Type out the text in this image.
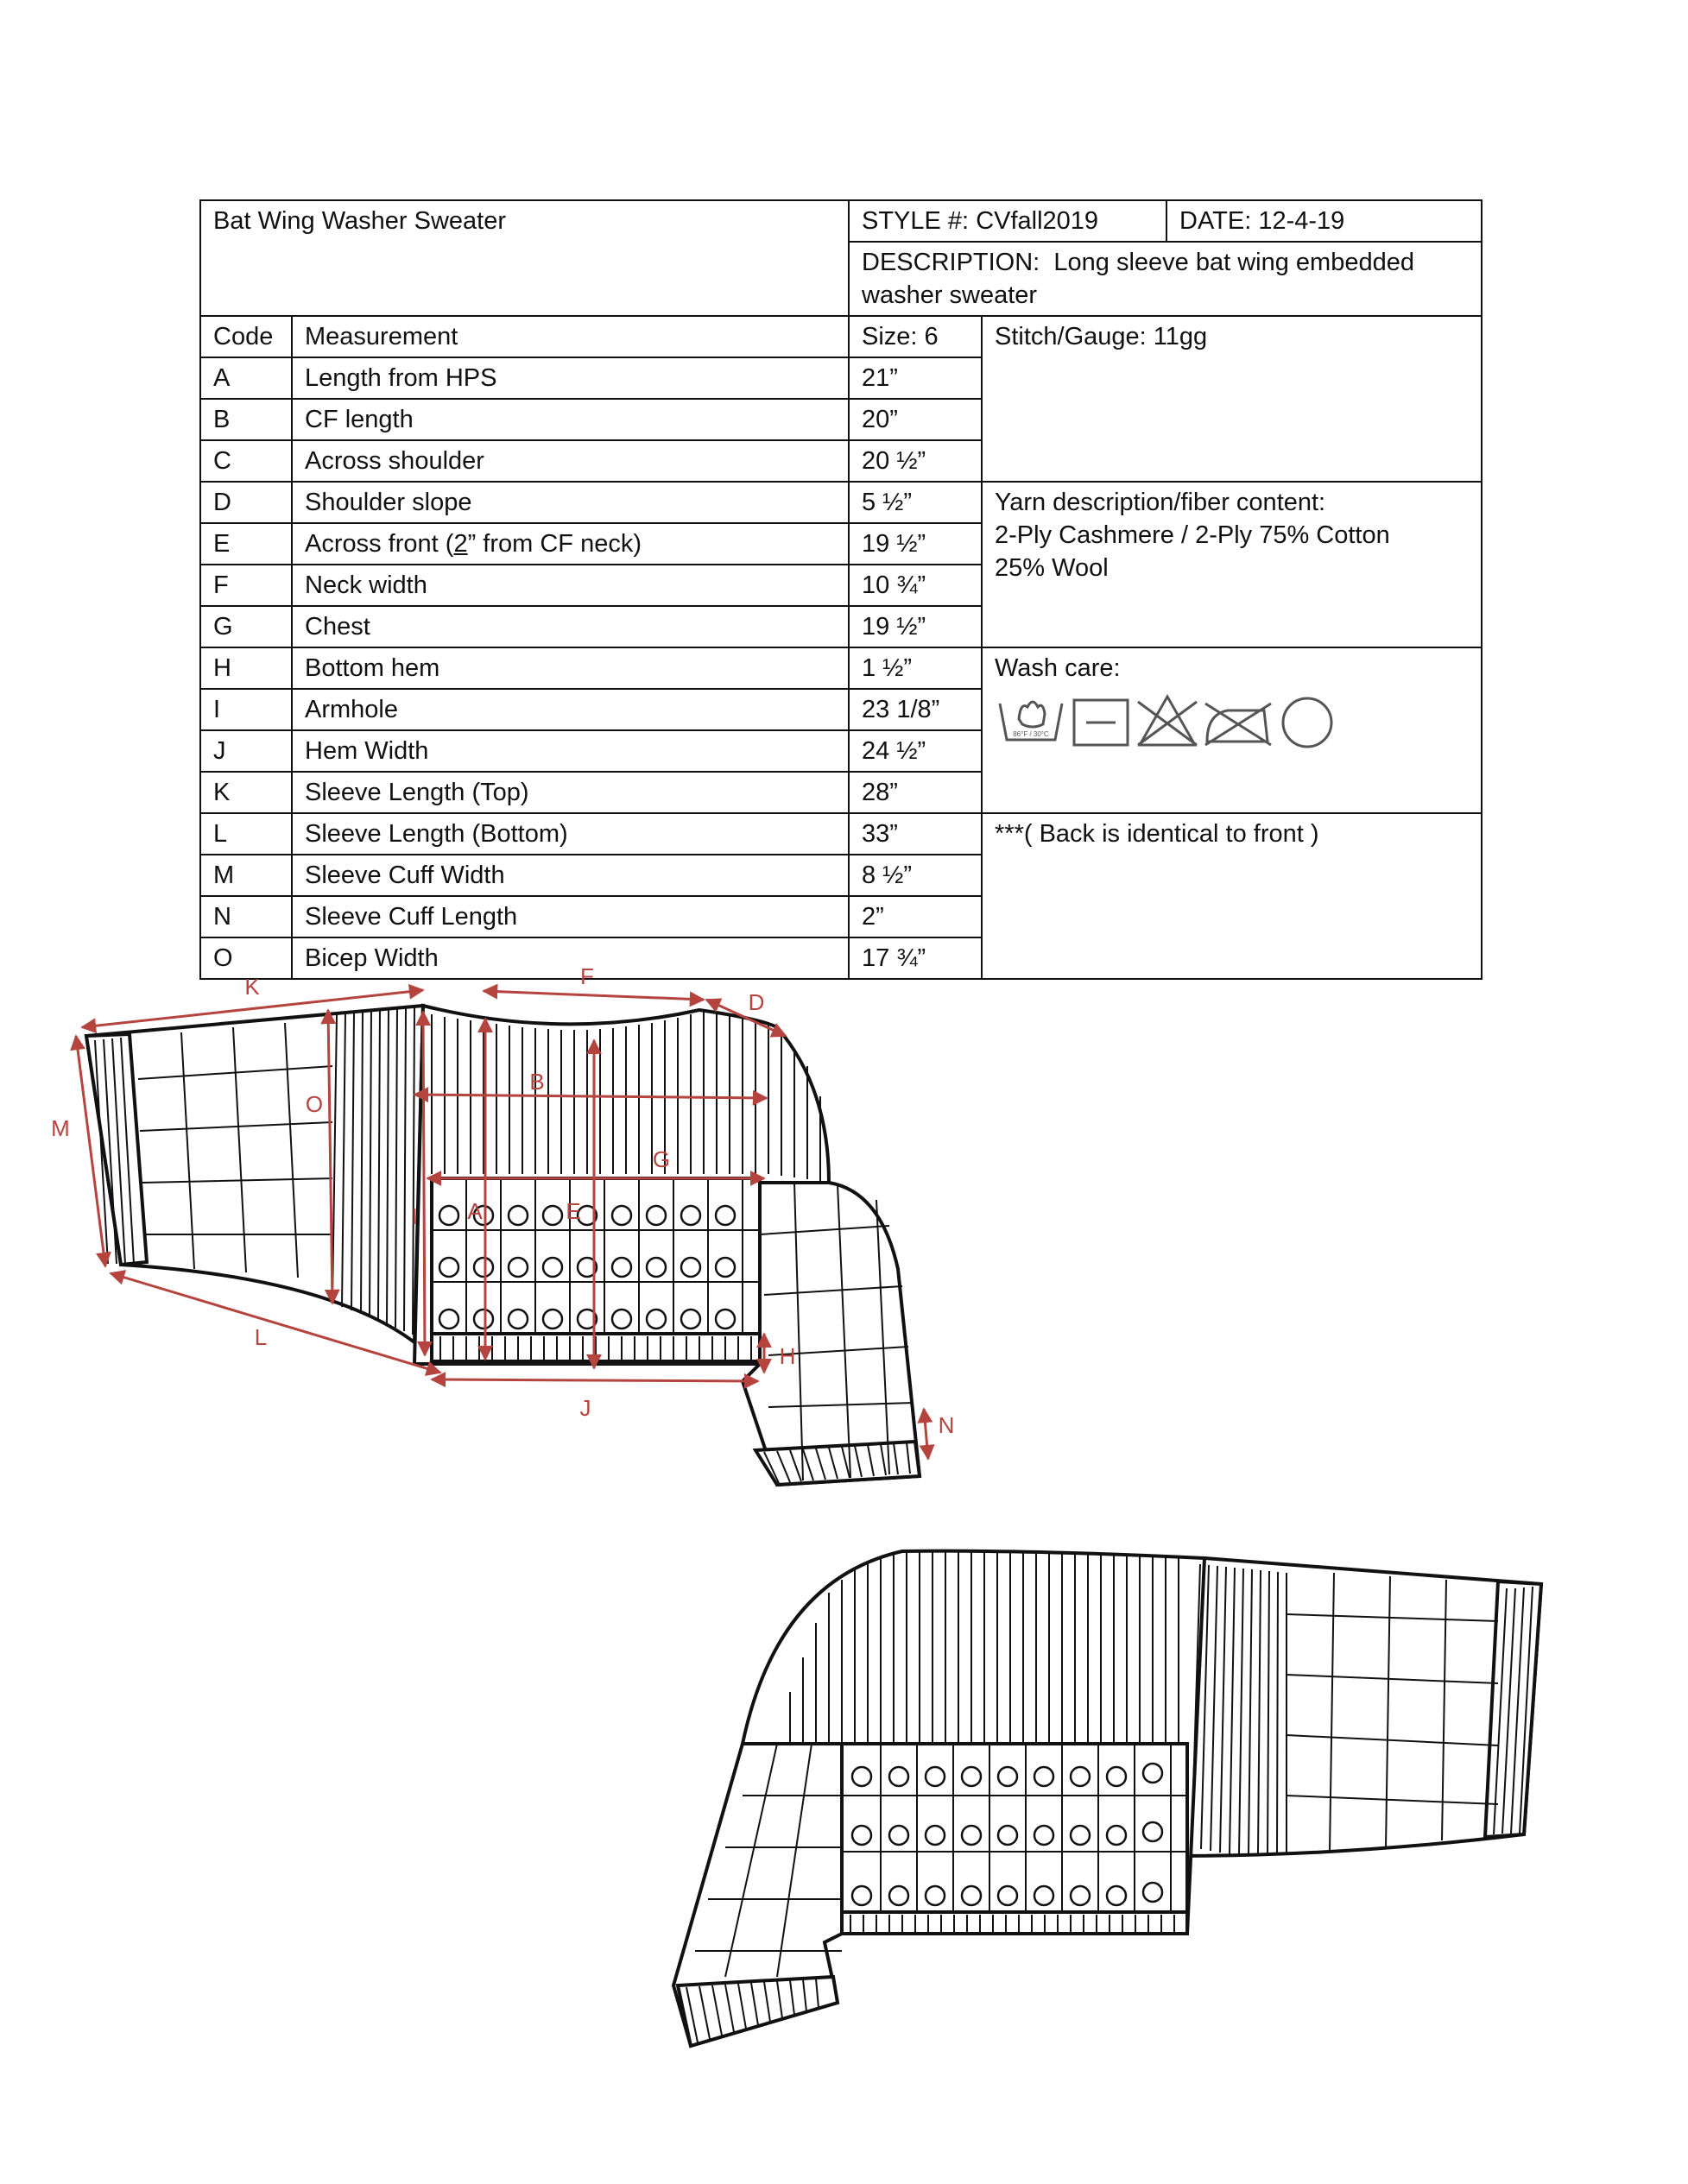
Bat Wing Washer Sweater		STYLE #: CVfall2019		DATE: 12-4-19
		DESCRIPTION: Long sleeve bat wing embedded washer sweater		
Code	Measurement	Size: 6	Stitch/Gauge: 11gg	
A	Length from HPS	21”		
B	CF length	20”		
C	Across shoulder	20 ½”		
D	Shoulder slope	5 ½”	Yarn description/fiber content:
2-Ply Cashmere / 2-Ply 75% Cotton
25% Wool	

E	Across front (2” from CF neck)	19 ½”		
F	Neck width	10 ¾”		
G	Chest	19 ½”		
H	Bottom hem	1 ½”	Wash care:
86°F / 30°C	

I	Armhole	23 1/8”		
J	Hem Width	24 ½”		
K	Sleeve Length (Top)	28”		
L	Sleeve Length (Bottom)	33”	***( Back is identical to front )	
M	Sleeve Cuff Width	8 ½”		
N	Sleeve Cuff Length	2”		
O	Bicep Width	17 ¾”		
K	F
D
M
O
B
G
I A	E
L
J
H
N
